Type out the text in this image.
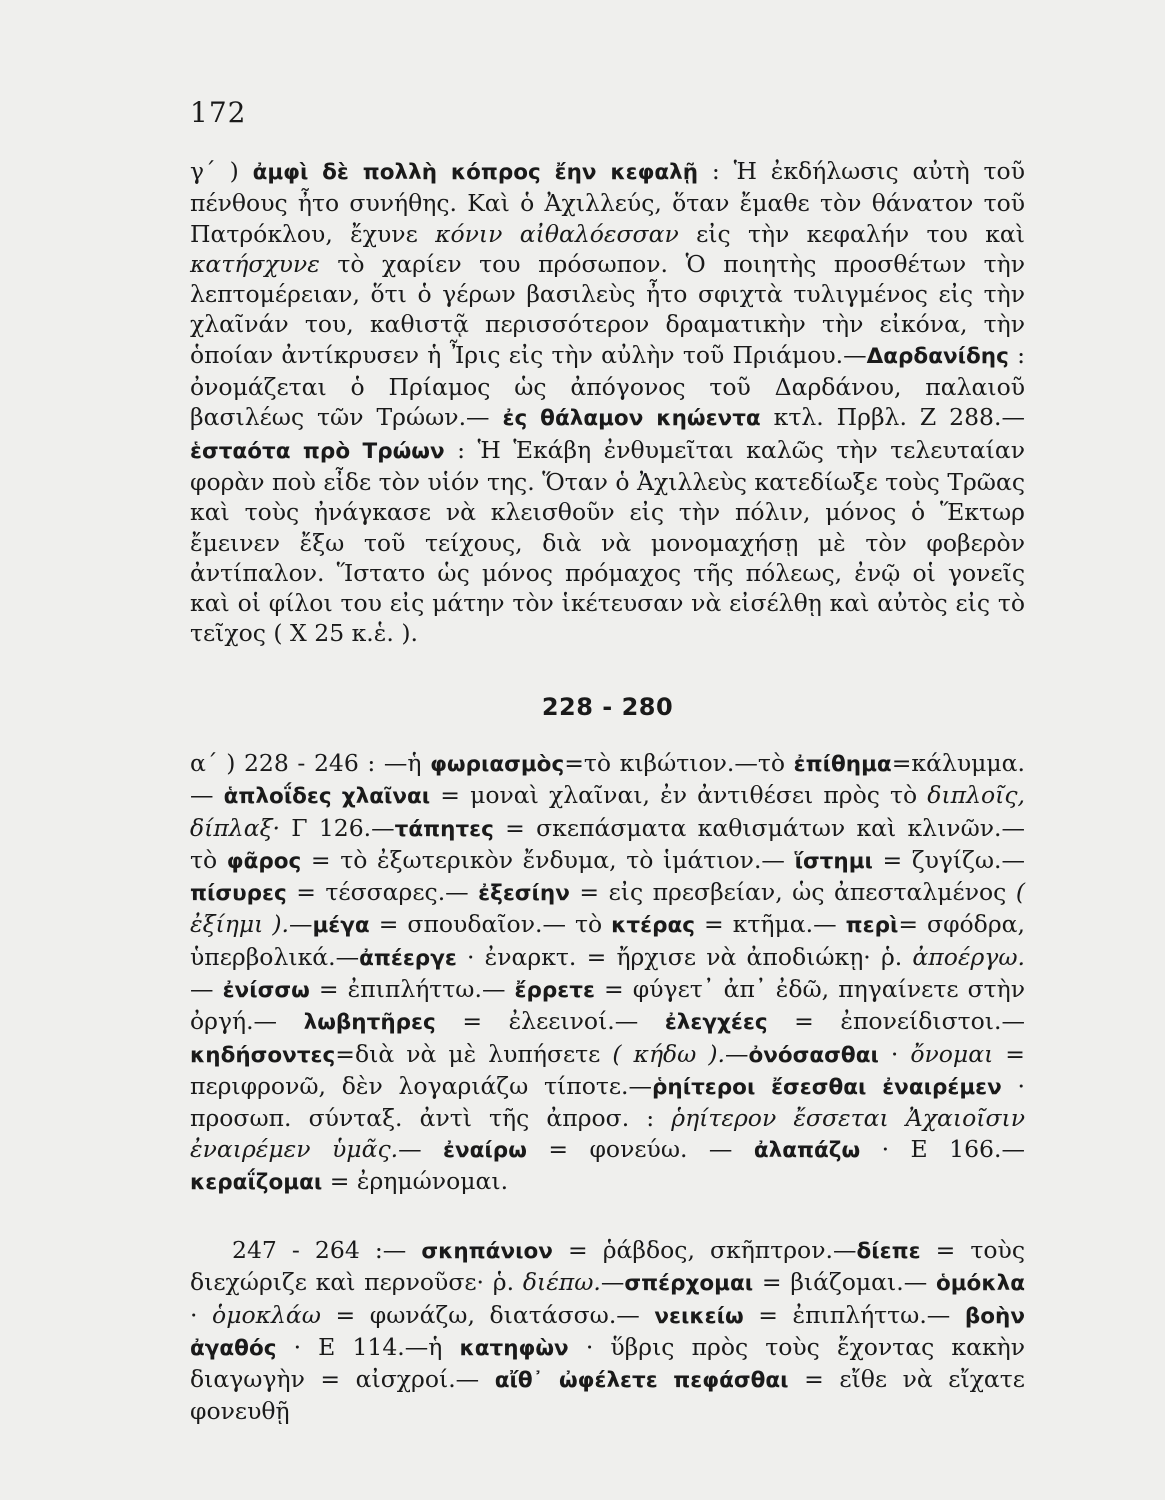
172
γ΄ ) ἀμφὶ δὲ πολλὴ κόπρος ἔην κεφαλῇ : Ἡ ἐκδήλωσις αὐτὴ τοῦ πένθους ἦτο συνήθης. Καὶ ὁ Ἀχιλλεύς, ὅταν ἔμαθε τὸν θάνατον τοῦ Πατρόκλου, ἔχυνε κόνιν αἰθαλόεσσαν εἰς τὴν κεφαλήν του καὶ κατήσχυνε τὸ χαρίεν του πρόσωπον. Ὁ ποιητὴς προσθέτων τὴν λεπτομέρειαν, ὅτι ὁ γέρων βασιλεὺς ἦτο σφιχτὰ τυλιγμένος εἰς τὴν χλαῖνάν του, καθιστᾷ περισσότερον δραματικὴν τὴν εἰκόνα, τὴν ὁποίαν ἀντίκρυσεν ἡ Ἶρις εἰς τὴν αὐλὴν τοῦ Πριάμου.—Δαρδανίδης : ὀνομάζεται ὁ Πρίαμος ὡς ἀπόγονος τοῦ Δαρδάνου, παλαιοῦ βασιλέως τῶν Τρώων.— ἐς θάλαμον κηώεντα κτλ. Πρβλ. Ζ 288.—ἑσταότα πρὸ Τρώων : Ἡ Ἑκάβη ἐνθυμεῖται καλῶς τὴν τελευταίαν φορὰν ποὺ εἶδε τὸν υἱόν της. Ὅταν ὁ Ἀχιλλεὺς κατεδίωξε τοὺς Τρῶας καὶ τοὺς ἠνάγκασε νὰ κλεισθοῦν εἰς τὴν πόλιν, μόνος ὁ Ἕκτωρ ἔμεινεν ἔξω τοῦ τείχους, διὰ νὰ μονομαχήσῃ μὲ τὸν φοβερὸν ἀντίπαλον. Ἵστατο ὡς μόνος πρόμαχος τῆς πόλεως, ἐνῷ οἱ γονεῖς καὶ οἱ φίλοι του εἰς μάτην τὸν ἱκέτευσαν νὰ εἰσέλθῃ καὶ αὐτὸς εἰς τὸ τεῖχος ( Χ 25 κ.ἑ. ).
228 - 280
α΄ ) 228 - 246 : —ἡ φωριασμὸς=τὸ κιβώτιον.—τὸ ἐπίθημα=κάλυμμα.— ἁπλοΐδες χλαῖναι = μοναὶ χλαῖναι, ἐν ἀντιθέσει πρὸς τὸ διπλοῖς, δίπλαξ· Γ 126.—τάπητες = σκεπάσματα καθισμάτων καὶ κλινῶν.— τὸ φᾶρος = τὸ ἐξωτερικὸν ἔνδυμα, τὸ ἱμάτιον.— ἵστημι = ζυγίζω.— πίσυρες = τέσσαρες.— ἐξεσίην = εἰς πρεσβείαν, ὡς ἀπεσταλμένος ( ἐξίημι ).—μέγα = σπουδαῖον.— τὸ κτέρας = κτῆμα.— περὶ= σφόδρα, ὑπερβολικά.—ἀπέεργε · ἐναρκτ. = ἤρχισε νὰ ἀποδιώκῃ· ῥ. ἀποέργω.— ἐνίσσω = ἐπιπλήττω.— ἔρρετε = φύγετ᾿ ἀπ᾿ ἐδῶ, πηγαίνετε στὴν ὀργή.— λωβητῆρες = ἐλεεινοί.— ἐλεγχέες = ἐπονείδιστοι.— κηδήσοντες=διὰ νὰ μὲ λυπήσετε ( κήδω ).—ὀνόσασθαι · ὄνομαι = περιφρονῶ, δὲν λογαριάζω τίποτε.—ῥηίτεροι ἔσεσθαι ἐναιρέμεν · προσωπ. σύνταξ. ἀντὶ τῆς ἀπροσ. : ῥηίτερον ἔσσεται Ἀχαιοῖσιν ἐναιρέμεν ὑμᾶς.— ἐναίρω = φονεύω. — ἀλαπάζω · Ε 166.—κεραΐζομαι = ἐρημώνομαι.
247 - 264 :— σκηπάνιον = ῥάβδος, σκῆπτρον.—δίεπε = τοὺς διεχώριζε καὶ περνοῦσε· ῥ. διέπω.—σπέρχομαι = βιάζομαι.— ὁμόκλα · ὁμοκλάω = φωνάζω, διατάσσω.— νεικείω = ἐπιπλήττω.— βοὴν ἀγαθός · Ε 114.—ἡ κατηφὼν · ὕβρις πρὸς τοὺς ἔχοντας κακὴν διαγωγὴν = αἰσχροί.— αἴθ᾿ ὠφέλετε πεφάσθαι = εἴθε νὰ εἴχατε φονευθῇ
